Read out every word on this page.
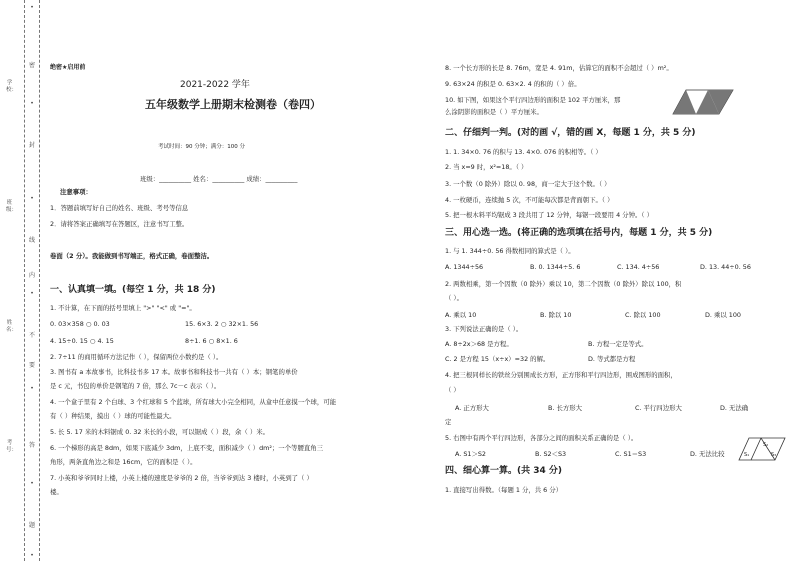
•
•
•
•
•
•
•
密
封
线
内
不
要
答
题
学校：
班级：
姓名：
考号：
绝密★启用前
2021-2022 学年
五年级数学上册期末检测卷（卷四）
考试时间：90 分钟；满分：100 分
班级：__________ 姓名：__________ 成绩：__________
注意事项：
1．答题前填写好自己的姓名、班级、考号等信息
2．请将答案正确填写在答题区，注意书写工整。
卷面（2 分）。我能做到书写端正，格式正确，卷面整洁。
一、认真填一填。(每空 1 分，共 18 分)
1. 不计算，在下面的括号里填上 ">" "<" 或 "="。
0. 03×358 ○ 0. 03	15. 6×3. 2 ○ 32×1. 56
4. 15÷0. 15 ○ 4. 15	8÷1. 6 ○ 8×1. 6
2. 7÷11 的商用循环方法记作（ ），保留两位小数约是（ ）。
3. 图书有 a 本故事书，比科技书多 17 本。故事书和科技书一共有（ ）本；钢笔的单价
是 c 元，书包的单价是钢笔的 7 倍，那么 7c－c 表示（ ）。
4. 一个盒子里有 2 个白球、3 个红球和 5 个蓝球，所有球大小完全相同，从盒中任意摸一个球，可能
有（ ）种结果，摸出（ ）球的可能性最大。
5. 长 5. 17 米的木料锯成 0. 32 米长的小段，可以锯成（ ）段，余（ ）米。
6. 一个梯形的高是 8dm，如果下底减少 3dm，上底不变，面积减少（ ）dm²；一个等腰直角三
角形，两条直角边之和是 16cm，它的面积是（ ）。
7. 小英和爷爷同时上楼，小英上楼的速度是爷爷的 2 倍，当爷爷到达 3 楼时，小英到了（ ）
楼。
8. 一个长方形的长是 8. 76m，宽是 4. 91m，估算它的面积不会超过（ ）m²。
9. 63×24 的积是 0. 63×2. 4 的积的（ ）倍。
10. 如下图，如果这个平行四边形的面积是 102 平方厘米，那
么涂阴影的面积是（ ）平方厘米。
二、仔细判一判。(对的画 √，错的画 X，每题 1 分，共 5 分)
1. 1. 34×0. 76 的积与 13. 4×0. 076 的积相等。（ ）
2. 当 x=9 时，x²=18。（ ）
3. 一个数（0 除外）除以 0. 98，商一定大于这个数。（ ）
4. 一枚硬币，连续抛 5 次，不可能每次都是背面朝下。（ ）
5. 把一根木料平均锯成 3 段共用了 12 分钟，每锯一段要用 4 分钟。（ ）
三、用心选一选。(将正确的选项填在括号内，每题 1 分，共 5 分)
1. 与 1. 344÷0. 56 得数相同的算式是（ ）。
A. 1344÷56	B. 0. 1344÷5. 6	C. 134. 4÷56	D. 13. 44÷0. 56
2. 两数相乘，第一个因数（0 除外）乘以 10，第二个因数（0 除外）除以 100，积
（ ）。
A. 乘以 10	B. 除以 10	C. 除以 100	D. 乘以 100
3. 下列说法正确的是（ ）。
A. 8÷2x＞68 是方程。	B. 方程一定是等式。
C. 2 是方程 15（x÷x）=32 的解。	D. 等式都是方程
4. 把三根同样长的铁丝分别围成长方形，正方形和平行四边形，围成图形的面积，
（ ）
A. 正方形大	B. 长方形大	C. 平行四边形大	D. 无法确
定
5. 右图中有两个平行四边形，各部分之间的面积关系正确的是（ ）。
A. S1＞S2	B. S2＜S3	C. S1＝S3	D. 无法比较	S₁
S₂
S₃
四、细心算一算。(共 34 分)
1. 直接写出得数。（每题 1 分，共 6 分）
